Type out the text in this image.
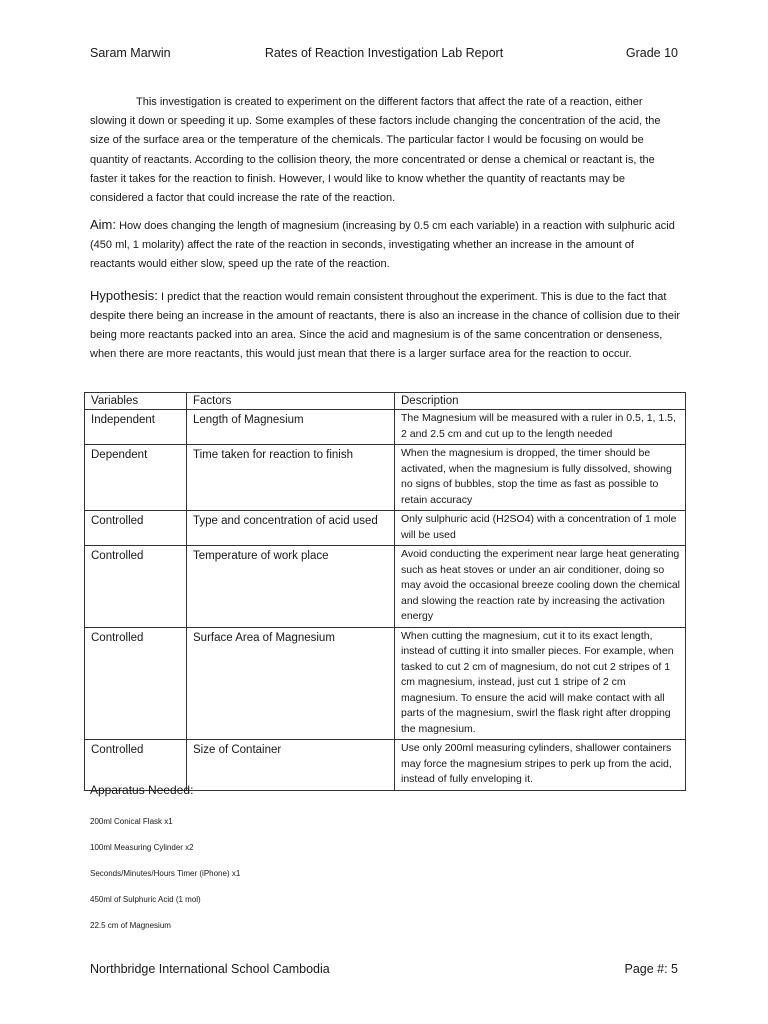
Saram Marwin	Rates of Reaction Investigation Lab Report	Grade 10

This investigation is created to experiment on the different factors that affect the rate of a reaction, either slowing it down or speeding it up. Some examples of these factors include changing the concentration of the acid, the size of the surface area or the temperature of the chemicals. The particular factor I would be focusing on would be quantity of reactants. According to the collision theory, the more concentrated or dense a chemical or reactant is, the faster it takes for the reaction to finish. However, I would like to know whether the quantity of reactants may be considered a factor that could increase the rate of the reaction.

Aim: How does changing the length of magnesium (increasing by 0.5 cm each variable) in a reaction with sulphuric acid (450 ml, 1 molarity) affect the rate of the reaction in seconds, investigating whether an increase in the amount of reactants would either slow, speed up the rate of the reaction.

Hypothesis: I predict that the reaction would remain consistent throughout the experiment. This is due to the fact that despite there being an increase in the amount of reactants, there is also an increase in the chance of collision due to their being more reactants packed into an area. Since the acid and magnesium is of the same concentration or denseness, when there are more reactants, this would just mean that there is a larger surface area for the reaction to occur.

Variables	Factors	Description
Independent	Length of Magnesium	The Magnesium will be measured with a ruler in 0.5, 1, 1.5, 2 and 2.5 cm and cut up to the length needed
Dependent	Time taken for reaction to finish	When the magnesium is dropped, the timer should be activated, when the magnesium is fully dissolved, showing no signs of bubbles, stop the time as fast as possible to retain accuracy
Controlled	Type and concentration of acid used	Only sulphuric acid (H2SO4) with a concentration of 1 mole will be used
Controlled	Temperature of work place	Avoid conducting the experiment near large heat generating such as heat stoves or under an air conditioner, doing so may avoid the occasional breeze cooling down the chemical and slowing the reaction rate by increasing the activation energy
Controlled	Surface Area of Magnesium	When cutting the magnesium, cut it to its exact length, instead of cutting it into smaller pieces. For example, when tasked to cut 2 cm of magnesium, do not cut 2 stripes of 1 cm magnesium, instead, just cut 1 stripe of 2 cm magnesium. To ensure the acid will make contact with all parts of the magnesium, swirl the flask right after dropping the magnesium.
Controlled	Size of Container	Use only 200ml measuring cylinders, shallower containers may force the magnesium stripes to perk up from the acid, instead of fully enveloping it.

Apparatus Needed:

200ml Conical Flask x1
100ml Measuring Cylinder x2
Seconds/Minutes/Hours Timer (iPhone) x1
450ml of Sulphuric Acid (1 mol)
22.5 cm of Magnesium
Northbridge International School Cambodia	Page #: 5
